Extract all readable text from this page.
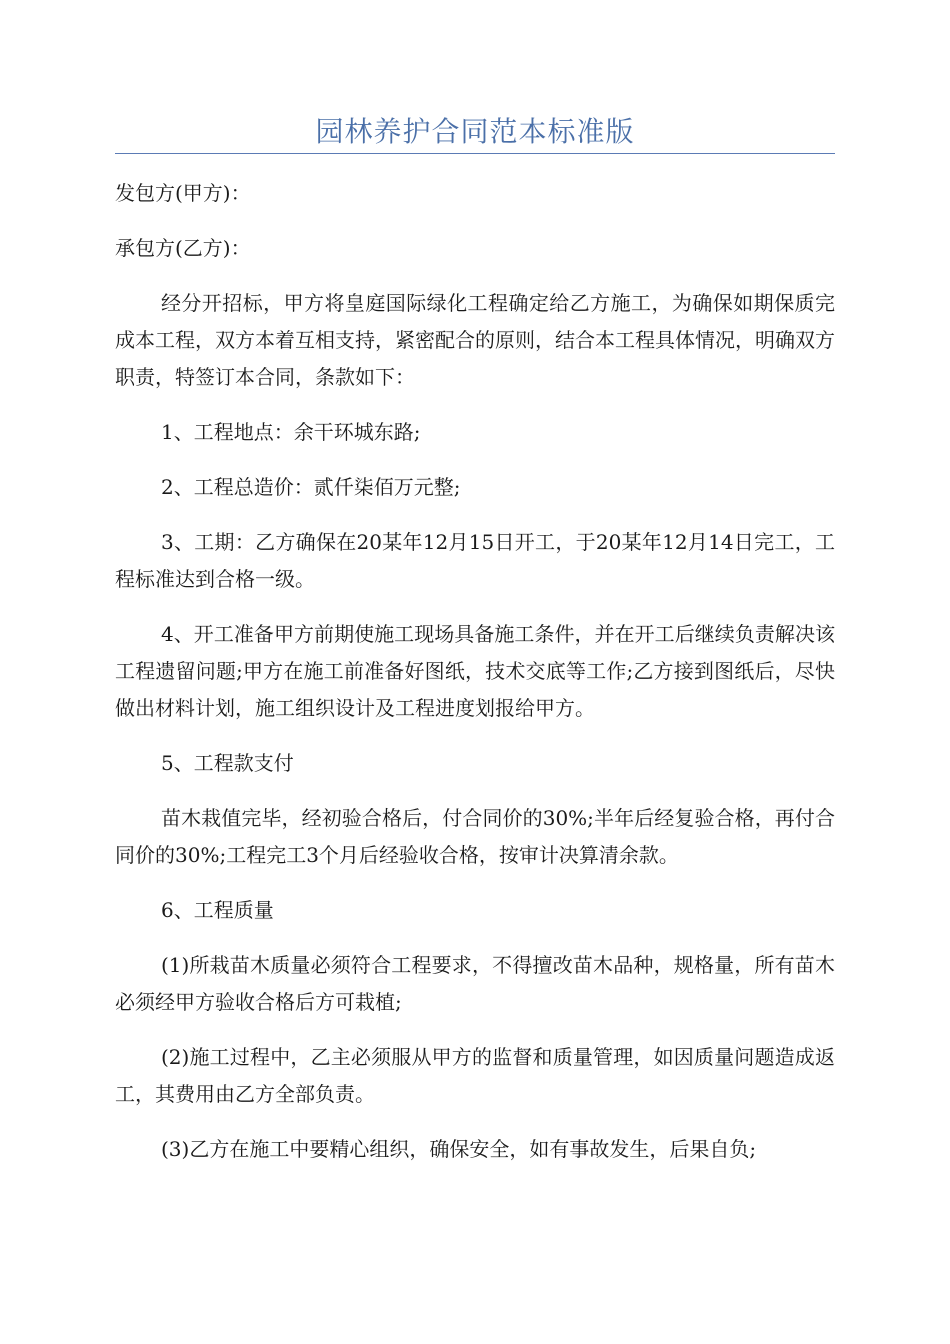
园林养护合同范本标准版

发包方(甲方)：

承包方(乙方)：

经分开招标，甲方将皇庭国际绿化工程确定给乙方施工，为确保如期保质完成本工程，双方本着互相支持，紧密配合的原则，结合本工程具体情况，明确双方职责，特签订本合同，条款如下：

1、工程地点：余干环城东路;

2、工程总造价：贰仟柒佰万元整;

3、工期：乙方确保在20某年12月15日开工，于20某年12月14日完工，工程标准达到合格一级。

4、开工准备甲方前期使施工现场具备施工条件，并在开工后继续负责解决该工程遗留问题;甲方在施工前准备好图纸，技术交底等工作;乙方接到图纸后，尽快做出材料计划，施工组织设计及工程进度划报给甲方。

5、工程款支付

苗木栽值完毕，经初验合格后，付合同价的30%;半年后经复验合格，再付合同价的30%;工程完工3个月后经验收合格，按审计决算清余款。

6、工程质量

(1)所栽苗木质量必须符合工程要求，不得擅改苗木品种，规格量，所有苗木必须经甲方验收合格后方可栽植;

(2)施工过程中，乙主必须服从甲方的监督和质量管理，如因质量问题造成返工，其费用由乙方全部负责。

(3)乙方在施工中要精心组织，确保安全，如有事故发生，后果自负;
